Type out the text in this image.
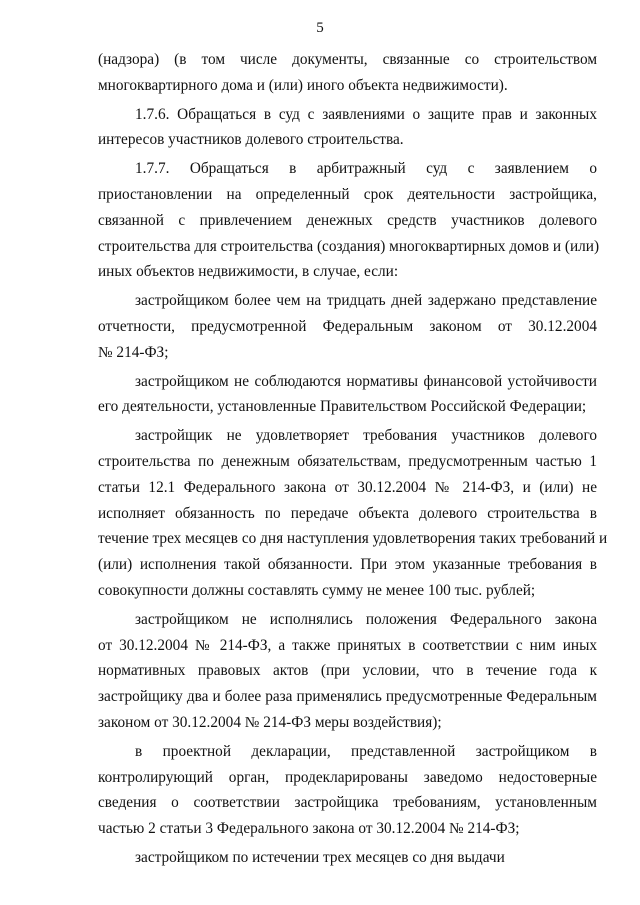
5
(надзора) (в том числе документы, связанные со строительством
многоквартирного дома и (или) иного объекта недвижимости).
1.7.6. Обращаться в суд с заявлениями о защите прав и законных
интересов участников долевого строительства.
1.7.7. Обращаться в арбитражный суд с заявлением о
приостановлении на определенный срок деятельности застройщика,
связанной с привлечением денежных средств участников долевого
строительства для строительства (создания) многоквартирных домов и (или)
иных объектов недвижимости, в случае, если:
застройщиком более чем на тридцать дней задержано представление
отчетности, предусмотренной Федеральным законом от 30.12.2004
№ 214-ФЗ;
застройщиком не соблюдаются нормативы финансовой устойчивости
его деятельности, установленные Правительством Российской Федерации;
застройщик не удовлетворяет требования участников долевого
строительства по денежным обязательствам, предусмотренным частью 1
статьи 12.1 Федерального закона от 30.12.2004 № 214-ФЗ, и (или) не
исполняет обязанность по передаче объекта долевого строительства в
течение трех месяцев со дня наступления удовлетворения таких требований и
(или) исполнения такой обязанности. При этом указанные требования в
совокупности должны составлять сумму не менее 100 тыс. рублей;
застройщиком не исполнялись положения Федерального закона
от 30.12.2004 № 214-ФЗ, а также принятых в соответствии с ним иных
нормативных правовых актов (при условии, что в течение года к
застройщику два и более раза применялись предусмотренные Федеральным
законом от 30.12.2004 № 214-ФЗ меры воздействия);
в проектной декларации, представленной застройщиком в
контролирующий орган, продекларированы заведомо недостоверные
сведения о соответствии застройщика требованиям, установленным
частью 2 статьи 3 Федерального закона от 30.12.2004 № 214-ФЗ;
застройщиком по истечении трех месяцев со дня выдачи
